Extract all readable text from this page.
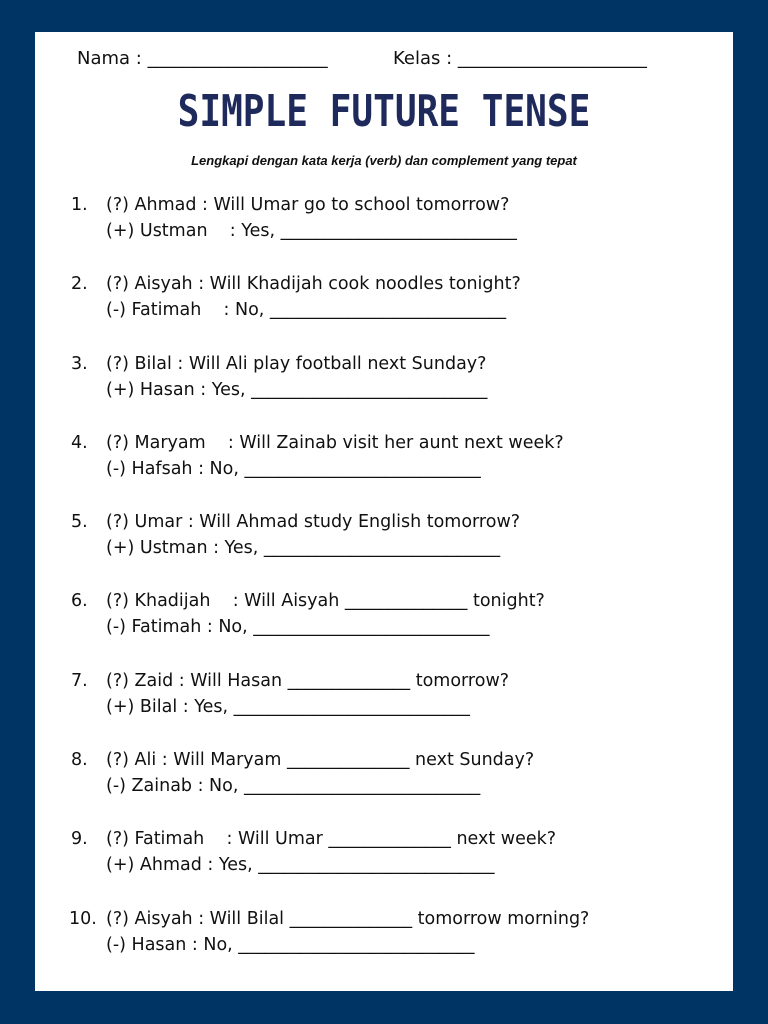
Nama : ____________________	Kelas : _____________________
SIMPLE FUTURE TENSE
Lengkapi dengan kata kerja (verb) dan complement yang tepat
1. (?) Ahmad : Will Umar go to school tomorrow?
(+) Ustman    : Yes, ___________________________
2. (?) Aisyah : Will Khadijah cook noodles tonight?
(-) Fatimah    : No, ___________________________
3. (?) Bilal : Will Ali play football next Sunday?
(+) Hasan : Yes, ___________________________
4. (?) Maryam    : Will Zainab visit her aunt next week?
(-) Hafsah : No, ___________________________
5. (?) Umar : Will Ahmad study English tomorrow?
(+) Ustman : Yes, ___________________________
6. (?) Khadijah    : Will Aisyah ______________ tonight?
(-) Fatimah : No, ___________________________
7. (?) Zaid : Will Hasan ______________ tomorrow?
(+) Bilal : Yes, ___________________________
8. (?) Ali : Will Maryam ______________ next Sunday?
(-) Zainab : No, ___________________________
9. (?) Fatimah    : Will Umar ______________ next week?
(+) Ahmad : Yes, ___________________________
10. (?) Aisyah : Will Bilal ______________ tomorrow morning?
(-) Hasan : No, ___________________________
